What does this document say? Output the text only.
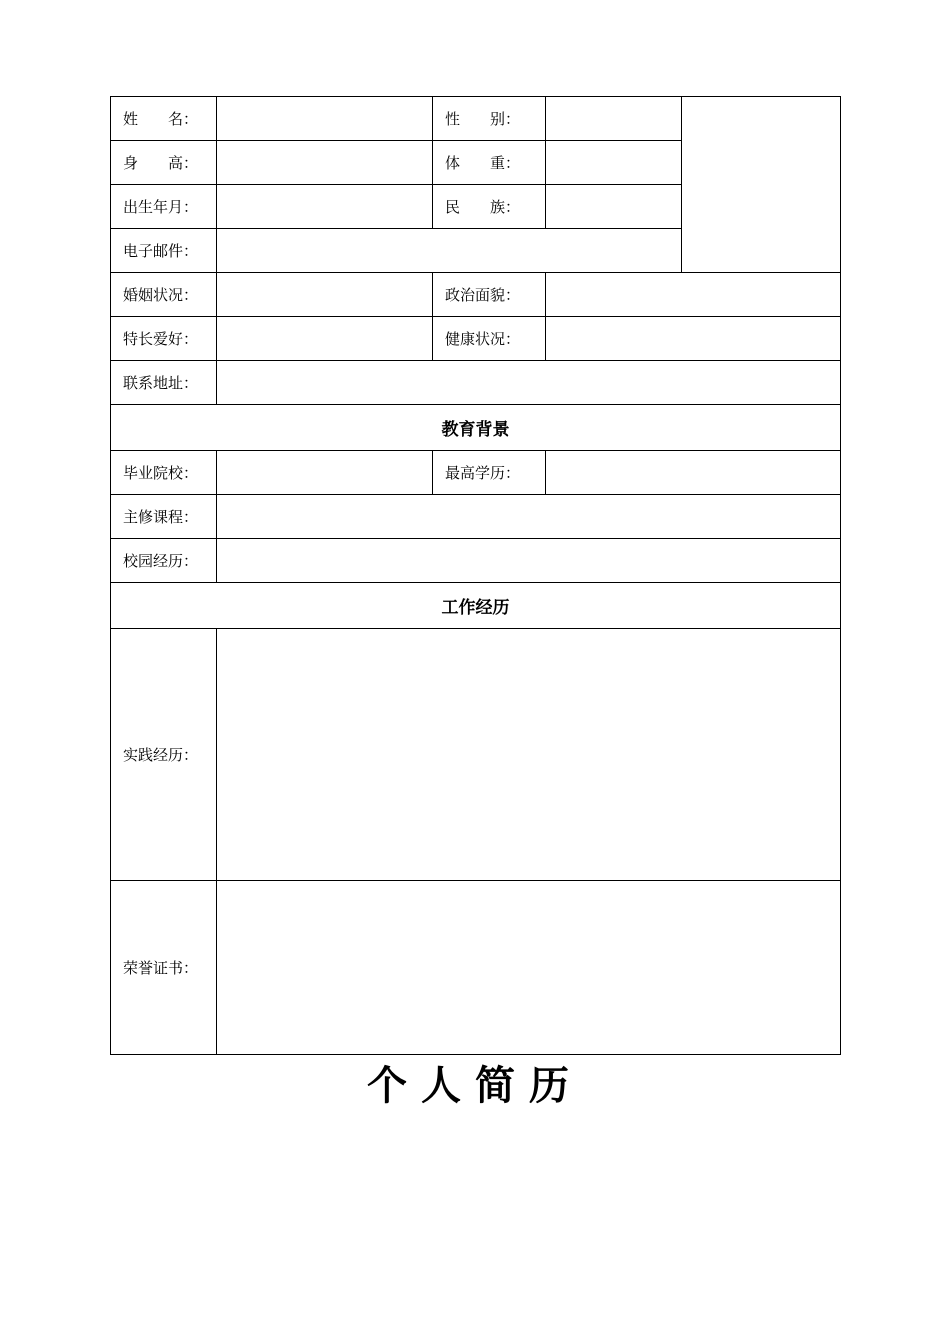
姓　　名：		性　　别：		
身　　高：		体　　重：		
出生年月：		民　　族：		
电子邮件：				
婚姻状况：		政治面貌：		
特长爱好：		健康状况：		
联系地址：				
教育背景				
毕业院校：		最高学历：		
主修课程：				
校园经历：				
工作经历				
实践经历：				
荣誉证书：				
个人简历
